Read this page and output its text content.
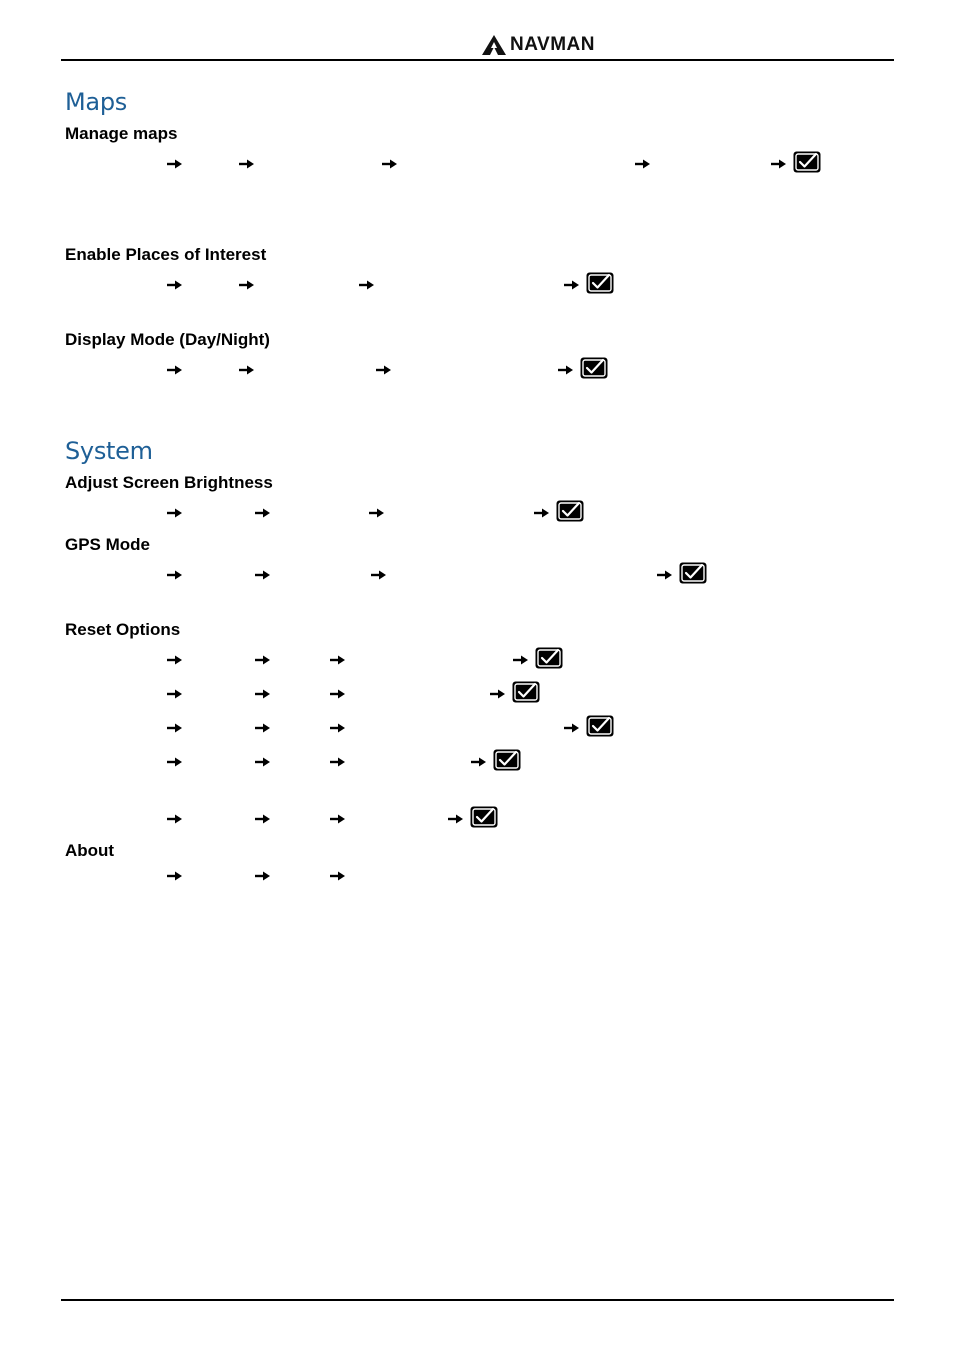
NAVMAN
Maps
Manage maps
Enable Places of Interest
Display Mode (Day/Night)
System
Adjust Screen Brightness
GPS Mode
Reset Options
About
